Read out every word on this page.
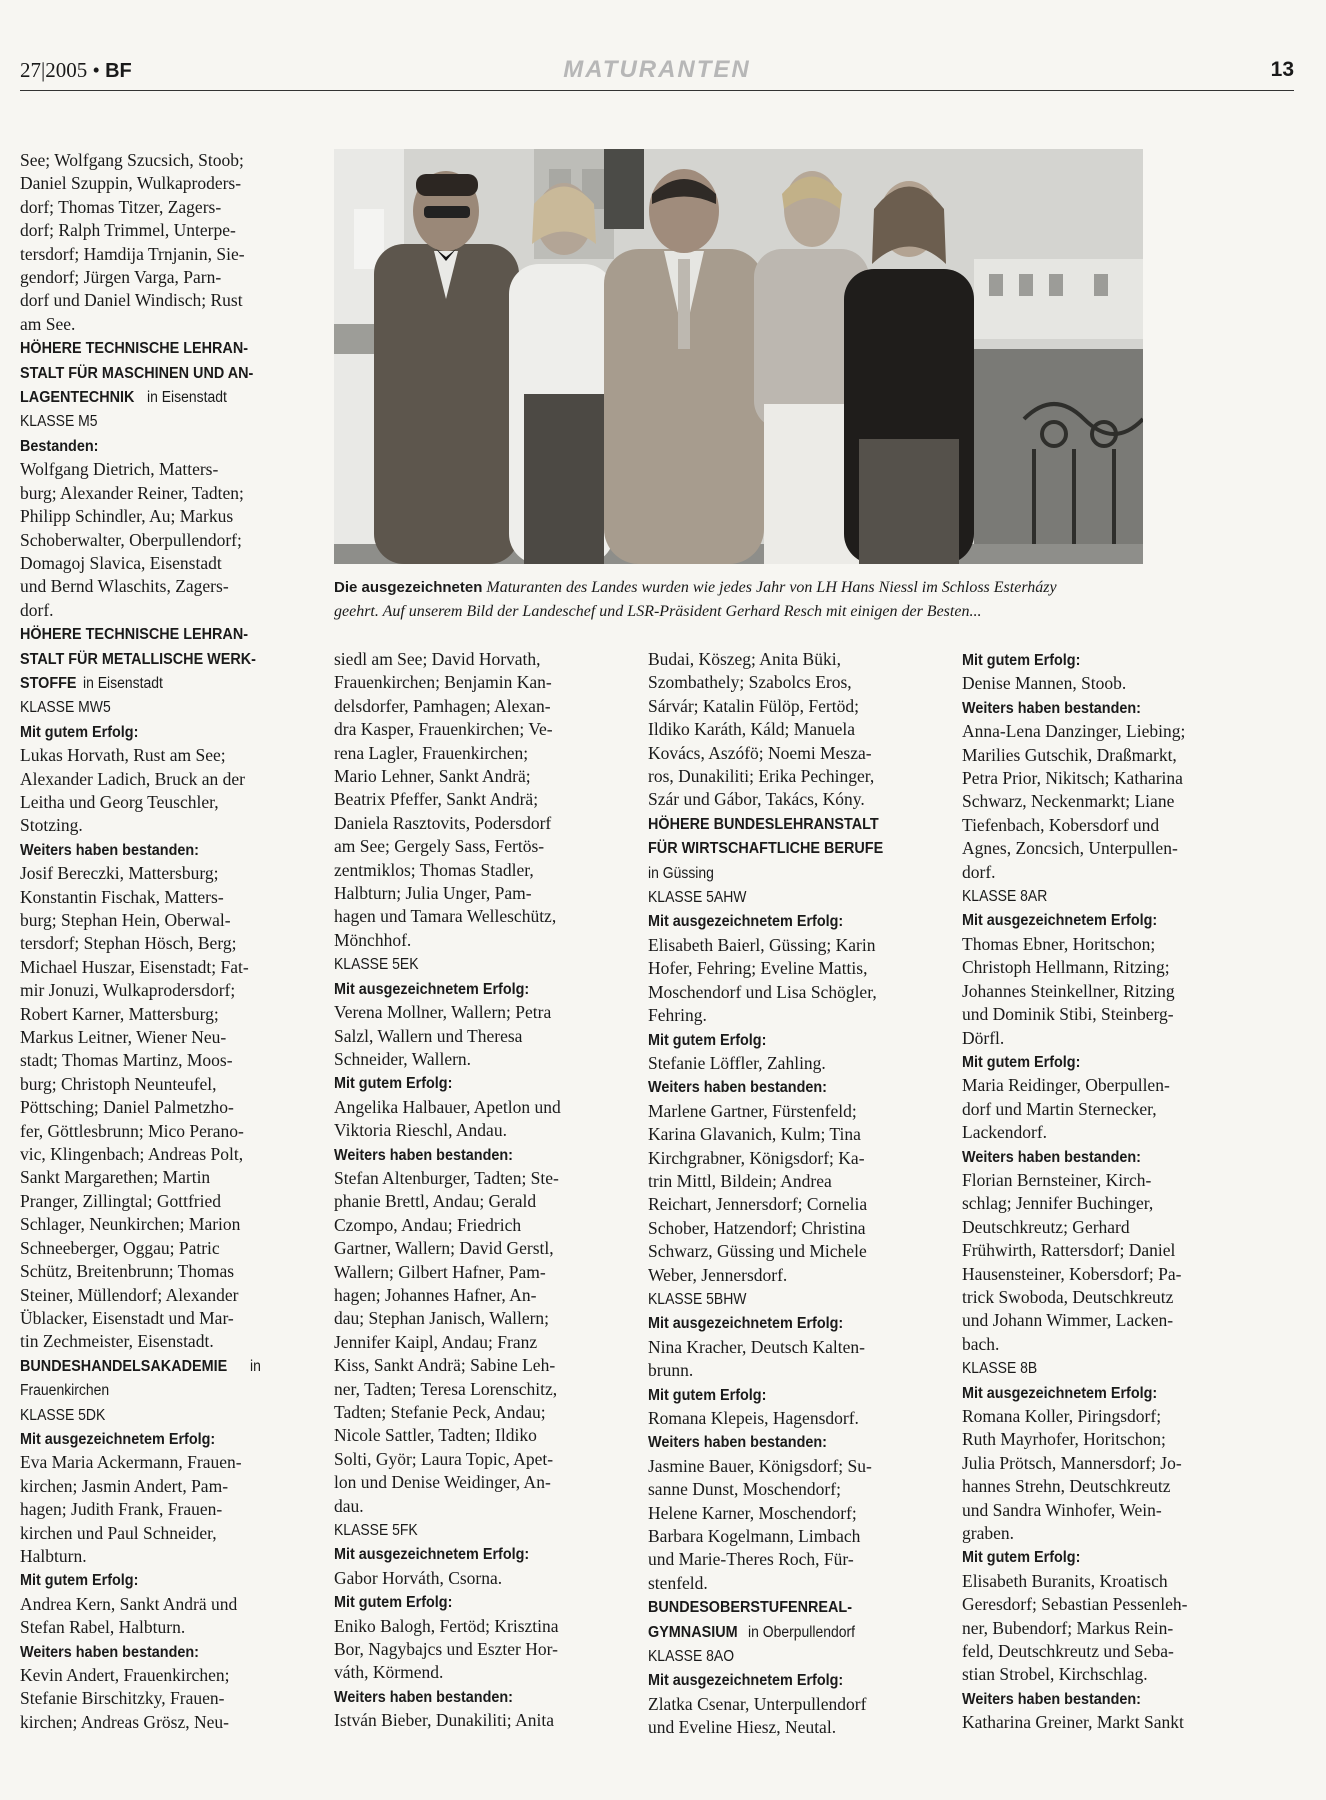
27|2005 • BF	MATURANTEN	13
Die ausgezeichneten Maturanten des Landes wurden wie jedes Jahr von LH Hans Niessl im Schloss Esterházy
geehrt. Auf unserem Bild der Landeschef und LSR-Präsident Gerhard Resch mit einigen der Besten...
See; Wolfgang Szucsich, Stoob;
Daniel Szuppin, Wulkaproders-
dorf; Thomas Titzer, Zagers-
dorf; Ralph Trimmel, Unterpe-
tersdorf; Hamdija Trnjanin, Sie-
gendorf; Jürgen Varga, Parn-
dorf und Daniel Windisch; Rust
am See.
HÖHERE TECHNISCHE LEHRAN-
STALT FÜR MASCHINEN UND AN-
LAGENTECHNIKin Eisenstadt
KLASSE M5
Bestanden:
Wolfgang Dietrich, Matters-
burg; Alexander Reiner, Tadten;
Philipp Schindler, Au; Markus
Schoberwalter, Oberpullendorf;
Domagoj Slavica, Eisenstadt
und Bernd Wlaschits, Zagers-
dorf.
HÖHERE TECHNISCHE LEHRAN-
STALT FÜR METALLISCHE WERK-
STOFFEin Eisenstadt
KLASSE MW5
Mit gutem Erfolg:
Lukas Horvath, Rust am See;
Alexander Ladich, Bruck an der
Leitha und Georg Teuschler,
Stotzing.
Weiters haben bestanden:
Josif Bereczki, Mattersburg;
Konstantin Fischak, Matters-
burg; Stephan Hein, Oberwal-
tersdorf; Stephan Hösch, Berg;
Michael Huszar, Eisenstadt; Fat-
mir Jonuzi, Wulkaprodersdorf;
Robert Karner, Mattersburg;
Markus Leitner, Wiener Neu-
stadt; Thomas Martinz, Moos-
burg; Christoph Neunteufel,
Pöttsching; Daniel Palmetzho-
fer, Göttlesbrunn; Mico Perano-
vic, Klingenbach; Andreas Polt,
Sankt Margarethen; Martin
Pranger, Zillingtal; Gottfried
Schlager, Neunkirchen; Marion
Schneeberger, Oggau; Patric
Schütz, Breitenbrunn; Thomas
Steiner, Müllendorf; Alexander
Üblacker, Eisenstadt und Mar-
tin Zechmeister, Eisenstadt.
BUNDESHANDELSAKADEMIEin
Frauenkirchen
KLASSE 5DK
Mit ausgezeichnetem Erfolg:
Eva Maria Ackermann, Frauen-
kirchen; Jasmin Andert, Pam-
hagen; Judith Frank, Frauen-
kirchen und Paul Schneider,
Halbturn.
Mit gutem Erfolg:
Andrea Kern, Sankt Andrä und
Stefan Rabel, Halbturn.
Weiters haben bestanden:
Kevin Andert, Frauenkirchen;
Stefanie Birschitzky, Frauen-
kirchen; Andreas Grösz, Neu-
siedl am See; David Horvath,
Frauenkirchen; Benjamin Kan-
delsdorfer, Pamhagen; Alexan-
dra Kasper, Frauenkirchen; Ve-
rena Lagler, Frauenkirchen;
Mario Lehner, Sankt Andrä;
Beatrix Pfeffer, Sankt Andrä;
Daniela Rasztovits, Podersdorf
am See; Gergely Sass, Fertös-
zentmiklos; Thomas Stadler,
Halbturn; Julia Unger, Pam-
hagen und Tamara Welleschütz,
Mönchhof.
KLASSE 5EK
Mit ausgezeichnetem Erfolg:
Verena Mollner, Wallern; Petra
Salzl, Wallern und Theresa
Schneider, Wallern.
Mit gutem Erfolg:
Angelika Halbauer, Apetlon und
Viktoria Rieschl, Andau.
Weiters haben bestanden:
Stefan Altenburger, Tadten; Ste-
phanie Brettl, Andau; Gerald
Czompo, Andau; Friedrich
Gartner, Wallern; David Gerstl,
Wallern; Gilbert Hafner, Pam-
hagen; Johannes Hafner, An-
dau; Stephan Janisch, Wallern;
Jennifer Kaipl, Andau; Franz
Kiss, Sankt Andrä; Sabine Leh-
ner, Tadten; Teresa Lorenschitz,
Tadten; Stefanie Peck, Andau;
Nicole Sattler, Tadten; Ildiko
Solti, Györ; Laura Topic, Apet-
lon und Denise Weidinger, An-
dau.
KLASSE 5FK
Mit ausgezeichnetem Erfolg:
Gabor Horváth, Csorna.
Mit gutem Erfolg:
Eniko Balogh, Fertöd; Krisztina
Bor, Nagybajcs und Eszter Hor-
váth, Körmend.
Weiters haben bestanden:
István Bieber, Dunakiliti; Anita
Budai, Köszeg; Anita Büki,
Szombathely; Szabolcs Eros,
Sárvár; Katalin Fülöp, Fertöd;
Ildiko Karáth, Káld; Manuela
Kovács, Aszófö; Noemi Mesza-
ros, Dunakiliti; Erika Pechinger,
Szár und Gábor, Takács, Kóny.
HÖHERE BUNDESLEHRANSTALT
FÜR WIRTSCHAFTLICHE BERUFE
in Güssing
KLASSE 5AHW
Mit ausgezeichnetem Erfolg:
Elisabeth Baierl, Güssing; Karin
Hofer, Fehring; Eveline Mattis,
Moschendorf und Lisa Schögler,
Fehring.
Mit gutem Erfolg:
Stefanie Löffler, Zahling.
Weiters haben bestanden:
Marlene Gartner, Fürstenfeld;
Karina Glavanich, Kulm; Tina
Kirchgrabner, Königsdorf; Ka-
trin Mittl, Bildein; Andrea
Reichart, Jennersdorf; Cornelia
Schober, Hatzendorf; Christina
Schwarz, Güssing und Michele
Weber, Jennersdorf.
KLASSE 5BHW
Mit ausgezeichnetem Erfolg:
Nina Kracher, Deutsch Kalten-
brunn.
Mit gutem Erfolg:
Romana Klepeis, Hagensdorf.
Weiters haben bestanden:
Jasmine Bauer, Königsdorf; Su-
sanne Dunst, Moschendorf;
Helene Karner, Moschendorf;
Barbara Kogelmann, Limbach
und Marie-Theres Roch, Für-
stenfeld.
BUNDESOBERSTUFENREAL-
GYMNASIUMin Oberpullendorf
KLASSE 8AO
Mit ausgezeichnetem Erfolg:
Zlatka Csenar, Unterpullendorf
und Eveline Hiesz, Neutal.
Mit gutem Erfolg:
Denise Mannen, Stoob.
Weiters haben bestanden:
Anna-Lena Danzinger, Liebing;
Marilies Gutschik, Draßmarkt,
Petra Prior, Nikitsch; Katharina
Schwarz, Neckenmarkt; Liane
Tiefenbach, Kobersdorf und
Agnes, Zoncsich, Unterpullen-
dorf.
KLASSE 8AR
Mit ausgezeichnetem Erfolg:
Thomas Ebner, Horitschon;
Christoph Hellmann, Ritzing;
Johannes Steinkellner, Ritzing
und Dominik Stibi, Steinberg-
Dörfl.
Mit gutem Erfolg:
Maria Reidinger, Oberpullen-
dorf und Martin Sternecker,
Lackendorf.
Weiters haben bestanden:
Florian Bernsteiner, Kirch-
schlag; Jennifer Buchinger,
Deutschkreutz; Gerhard
Frühwirth, Rattersdorf; Daniel
Hausensteiner, Kobersdorf; Pa-
trick Swoboda, Deutschkreutz
und Johann Wimmer, Lacken-
bach.
KLASSE 8B
Mit ausgezeichnetem Erfolg:
Romana Koller, Piringsdorf;
Ruth Mayrhofer, Horitschon;
Julia Prötsch, Mannersdorf; Jo-
hannes Strehn, Deutschkreutz
und Sandra Winhofer, Wein-
graben.
Mit gutem Erfolg:
Elisabeth Buranits, Kroatisch
Geresdorf; Sebastian Pessenleh-
ner, Bubendorf; Markus Rein-
feld, Deutschkreutz und Seba-
stian Strobel, Kirchschlag.
Weiters haben bestanden:
Katharina Greiner, Markt Sankt
